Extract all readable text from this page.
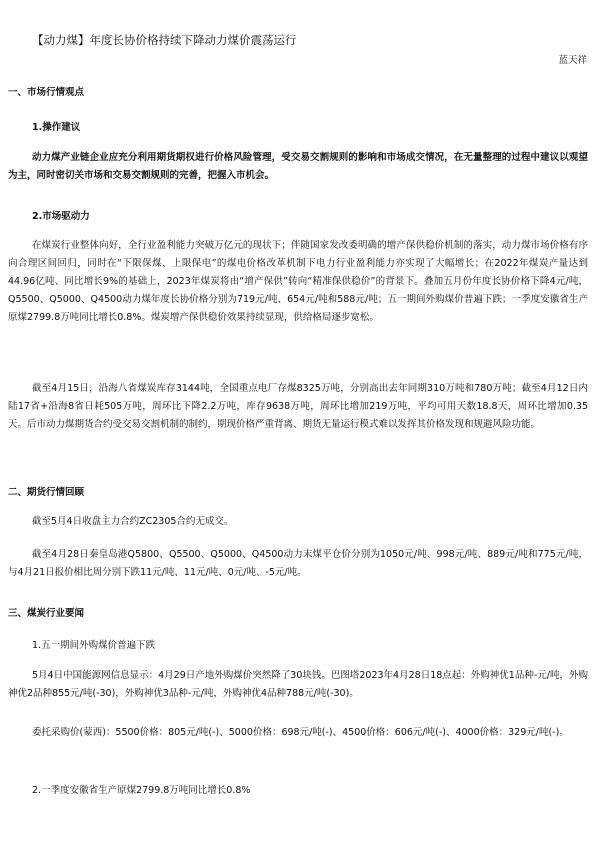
【动力煤】年度长协价格持续下降动力煤价震荡运行
蓝天祥
一、市场行情观点
1.操作建议
动力煤产业链企业应充分利用期货期权进行价格风险管理，受交易交割规则的影响和市场成交情况，在无量整理的过程中建议以观望为主，同时密切关市场和交易交割规则的完善，把握入市机会。
2.市场驱动力
在煤炭行业整体向好，全行业盈利能力突破万亿元的现状下；伴随国家发改委明确的增产保供稳价机制的落实，动力煤市场价格有序向合理区间回归，同时在“下限保煤、上限保电”的煤电价格改革机制下电力行业盈利能力亦实现了大幅增长；在2022年煤炭产量达到44.96亿吨、同比增长9%的基础上，2023年煤炭将由“增产保供”转向“精准保供稳价”的背景下。叠加五月份年度长协价格下降4元/吨，Q5500、Q5000、Q4500动力煤年度长协价格分别为719元/吨、654元/吨和588元/吨；五一期间外购煤价普遍下跌；一季度安徽省生产原煤2799.8万吨同比增长0.8%。煤炭增产保供稳价效果持续显现，供给格局逐步宽松。
截至4月15日，沿海八省煤炭库存3144吨，全国重点电厂存煤8325万吨，分别高出去年同期310万吨和780万吨；截至4月12日内陆17省+沿海8省日耗505万吨，周环比下降2.2万吨，库存9638万吨，周环比增加219万吨，平均可用天数18.8天，周环比增加0.35天。后市动力煤期货合约受交易交割机制的制约，期现价格严重背离、期货无量运行模式难以发挥其价格发现和规避风险功能。
二、期货行情回顾
截至5月4日收盘主力合约ZC2305合约无成交。
截至4月28日秦皇岛港Q5800、Q5500、Q5000、Q4500动力末煤平仓价分别为1050元/吨、998元/吨、889元/吨和775元/吨，与4月21日报价相比周分别下跌11元/吨、11元/吨、0元/吨、-5元/吨。
三、煤炭行业要闻
1.五一期间外购煤价普遍下跌
5月4日中国能源网信息显示：4月29日产地外购煤价突然降了30块钱。巴图塔2023年4月28日18点起：外购神优1品种-元/吨，外购神优2品种855元/吨(-30)，外购神优3品种-元/吨，外购神优4品种788元/吨(-30)。
委托采购价(蒙西)：5500价格：805元/吨(-)、5000价格：698元/吨(-)、4500价格：606元/吨(-)、4000价格：329元/吨(-)。
2.一季度安徽省生产原煤2799.8万吨同比增长0.8%
